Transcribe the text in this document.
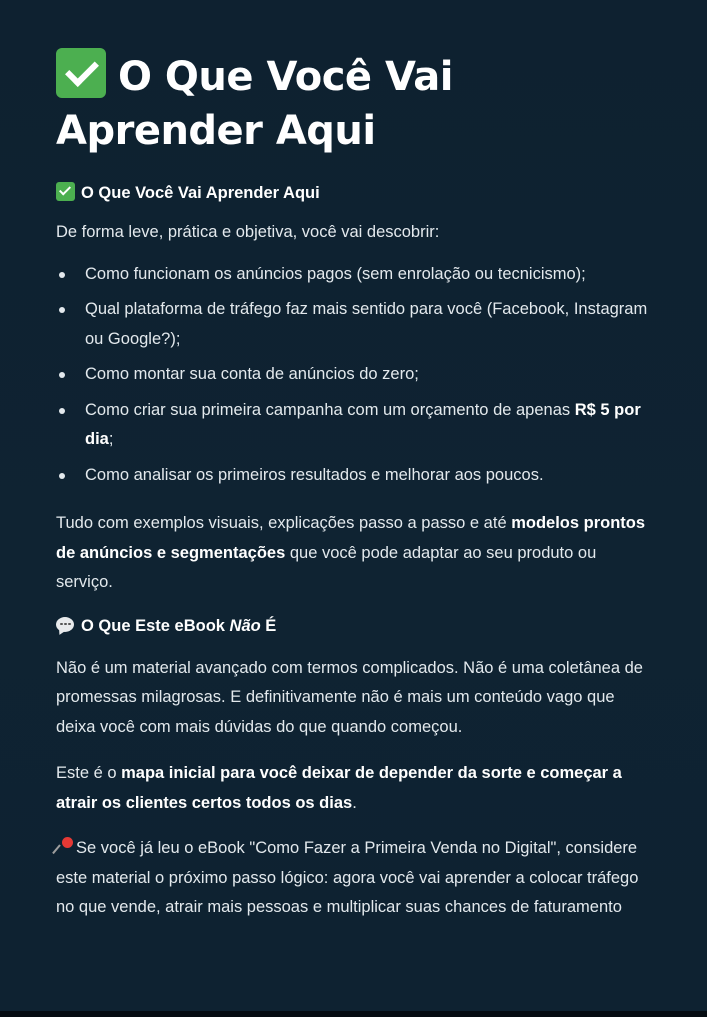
O Que Você Vai
Aprender Aqui
O Que Você Vai Aprender Aqui

De forma leve, prática e objetiva, você vai descobrir:

Como funcionam os anúncios pagos (sem enrolação ou tecnicismo);
Qual plataforma de tráfego faz mais sentido para você (Facebook, Instagram ou Google?);
Como montar sua conta de anúncios do zero;
Como criar sua primeira campanha com um orçamento de apenas R$ 5 por dia;
Como analisar os primeiros resultados e melhorar aos poucos.

Tudo com exemplos visuais, explicações passo a passo e até modelos prontos de anúncios e segmentações que você pode adaptar ao seu produto ou serviço.

O Que Este eBook Não É

Não é um material avançado com termos complicados. Não é uma coletânea de promessas milagrosas. E definitivamente não é mais um conteúdo vago que deixa você com mais dúvidas do que quando começou.

Este é o mapa inicial para você deixar de depender da sorte e começar a atrair os clientes certos todos os dias.

Se você já leu o eBook "Como Fazer a Primeira Venda no Digital", considere este material o próximo passo lógico: agora você vai aprender a colocar tráfego no que vende, atrair mais pessoas e multiplicar suas chances de faturamento
